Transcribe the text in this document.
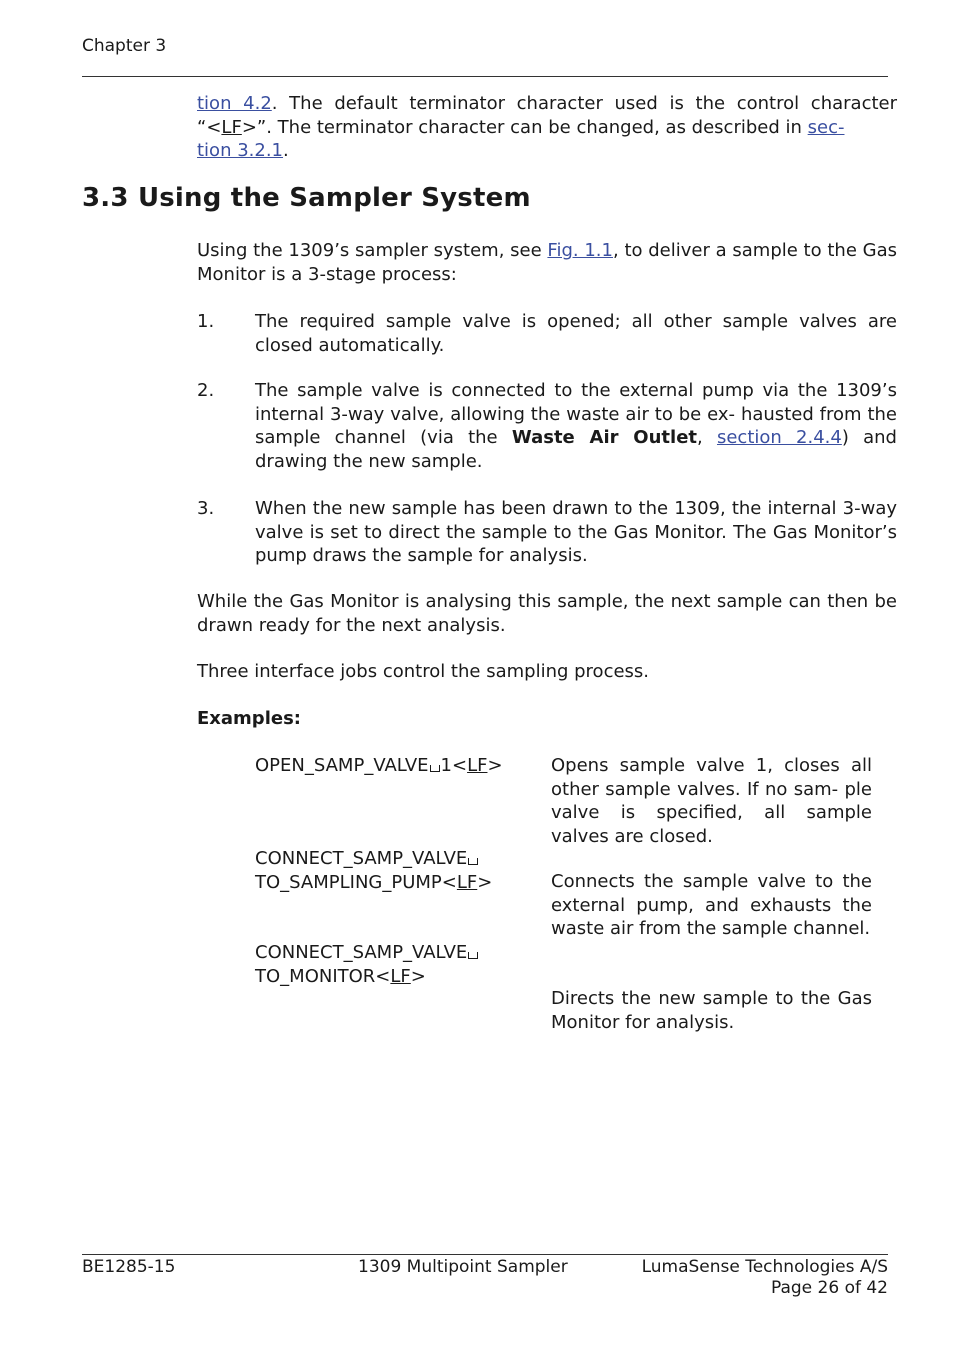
Chapter 3
tion 4.2. The default terminator character used is the control character “<LF>”. The terminator character can be changed, as described in sec-
tion 3.2.1.
3.3 Using the Sampler System
Using the 1309’s sampler system, see Fig. 1.1, to deliver a sample to the Gas Monitor is a 3-stage process:
1. The required sample valve is opened; all other sample valves are closed automatically.
2. The sample valve is connected to the external pump via the 1309’s internal 3-way valve, allowing the waste air to be ex- hausted from the sample channel (via the Waste Air Outlet, section 2.4.4) and drawing the new sample.
3. When the new sample has been drawn to the 1309, the internal 3-way valve is set to direct the sample to the Gas Monitor. The Gas Monitor’s pump draws the sample for analysis.
While the Gas Monitor is analysing this sample, the next sample can then be drawn ready for the next analysis.
Three interface jobs control the sampling process.
Examples:
OPEN_SAMP_VALVE 1<LF>
CONNECT_SAMP_VALVE
TO_SAMPLING_PUMP<LF>
CONNECT_SAMP_VALVE
TO_MONITOR<LF>
Opens sample valve 1, closes all other sample valves. If no sam- ple valve is specified, all sample valves are closed.
Connects the sample valve to the external pump, and exhausts the waste air from the sample channel.
Directs the new sample to the Gas Monitor for analysis.
BE1285-15	1309 Multipoint Sampler	LumaSense Technologies A/S
Page 26 of 42
